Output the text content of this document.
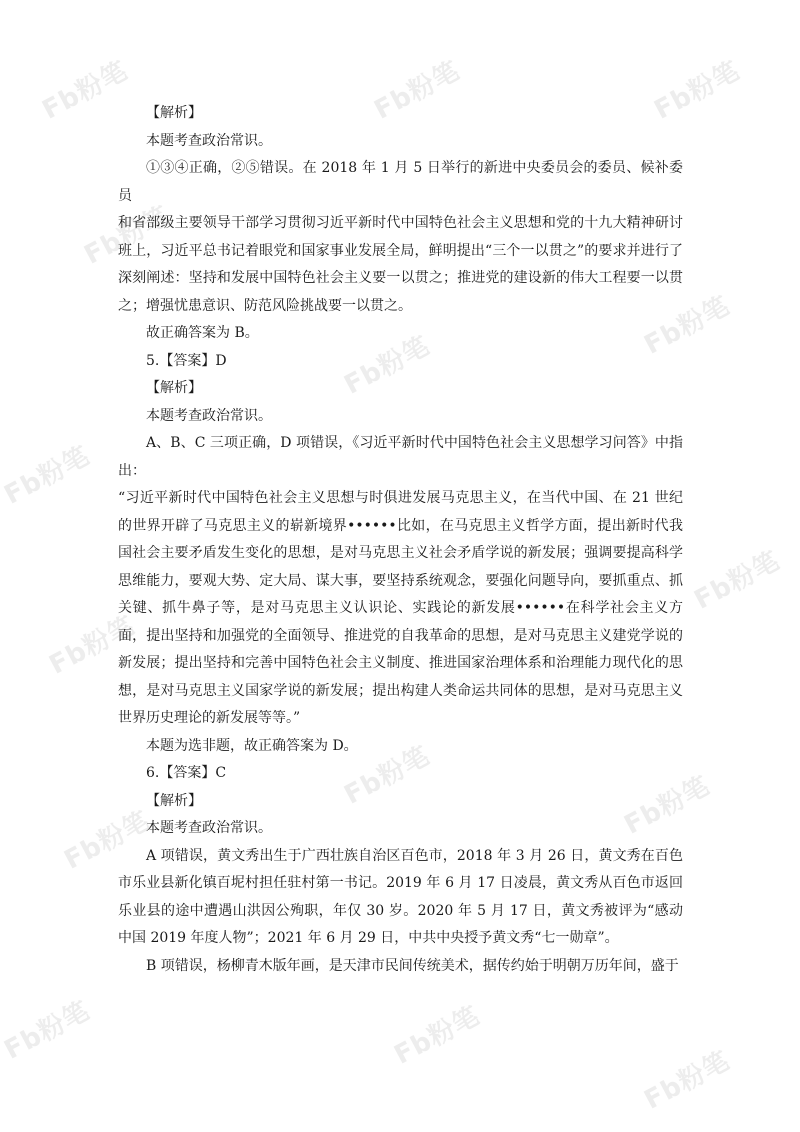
Fb粉笔	Fb粉笔	Fb粉笔
Fb粉笔
Fb粉笔
Fb粉笔
Fb粉笔
Fb粉笔
Fb粉笔
Fb粉笔	Fb粉笔
Fb粉笔
Fb粉笔	Fb粉笔
Fb粉笔

【解析】

本题考查政治常识。

①③④正确，②⑤错误。在 2018 年 1 月 5 日举行的新进中央委员会的委员、候补委员

和省部级主要领导干部学习贯彻习近平新时代中国特色社会主义思想和党的十九大精神研讨班上，习近平总书记着眼党和国家事业发展全局，鲜明提出“三个一以贯之”的要求并进行了深刻阐述：坚持和发展中国特色社会主义要一以贯之；推进党的建设新的伟大工程要一以贯之；增强忧患意识、防范风险挑战要一以贯之。

故正确答案为 B。

5.【答案】D

【解析】

本题考查政治常识。

A、B、C 三项正确，D 项错误，《习近平新时代中国特色社会主义思想学习问答》中指出：

“习近平新时代中国特色社会主义思想与时俱进发展马克思主义，在当代中国、在 21 世纪的世界开辟了马克思主义的崭新境界••••••比如，在马克思主义哲学方面，提出新时代我国社会主要矛盾发生变化的思想，是对马克思主义社会矛盾学说的新发展；强调要提高科学思维能力，要观大势、定大局、谋大事，要坚持系统观念，要强化问题导向，要抓重点、抓关键、抓牛鼻子等，是对马克思主义认识论、实践论的新发展••••••在科学社会主义方面，提出坚持和加强党的全面领导、推进党的自我革命的思想，是对马克思主义建党学说的新发展；提出坚持和完善中国特色社会主义制度、推进国家治理体系和治理能力现代化的思想，是对马克思主义国家学说的新发展；提出构建人类命运共同体的思想，是对马克思主义世界历史理论的新发展等等。”

本题为选非题，故正确答案为 D。

6.【答案】C

【解析】

本题考查政治常识。

A 项错误，黄文秀出生于广西壮族自治区百色市，2018 年 3 月 26 日，黄文秀在百色市乐业县新化镇百坭村担任驻村第一书记。2019 年 6 月 17 日凌晨，黄文秀从百色市返回乐业县的途中遭遇山洪因公殉职，年仅 30 岁。2020 年 5 月 17 日，黄文秀被评为“感动中国 2019 年度人物”；2021 年 6 月 29 日，中共中央授予黄文秀“七一勋章”。

B 项错误，杨柳青木版年画，是天津市民间传统美术，据传约始于明朝万历年间，盛于
